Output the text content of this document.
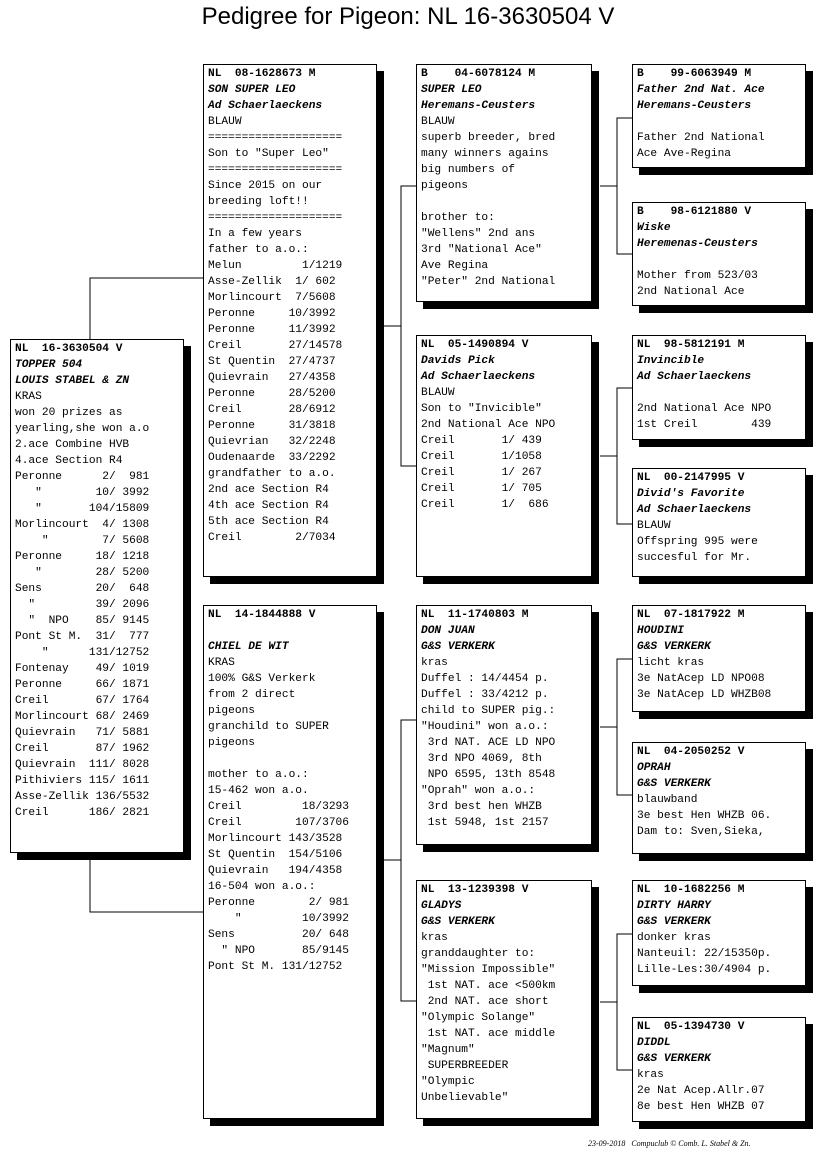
Pedigree for Pigeon: NL 16-3630504 V
NL  16-3630504 V
TOPPER 504
LOUIS STABEL & ZN
KRAS
won 20 prizes as
yearling,she won a.o
2.ace Combine HVB
4.ace Section R4
Peronne      2/  981
"        10/ 3992
"       104/15809
Morlincourt  4/ 1308
"        7/ 5608
Peronne     18/ 1218
"        28/ 5200
Sens        20/  648
"         39/ 2096
"  NPO    85/ 9145
Pont St M.  31/  777
"      131/12752
Fontenay    49/ 1019
Peronne     66/ 1871
Creil       67/ 1764
Morlincourt 68/ 2469
Quievrain   71/ 5881
Creil       87/ 1962
Quievrain  111/ 8028
Pithiviers 115/ 1611
Asse-Zellik 136/5532
Creil      186/ 2821
NL  08-1628673 M
SON SUPER LEO
Ad Schaerlaeckens
BLAUW
====================
Son to "Super Leo"
====================
Since 2015 on our
breeding loft!!
====================
In a few years
father to a.o.:
Melun         1/1219
Asse-Zellik  1/ 602
Morlincourt  7/5608
Peronne     10/3992
Peronne     11/3992
Creil       27/14578
St Quentin  27/4737
Quievrain   27/4358
Peronne     28/5200
Creil       28/6912
Peronne     31/3818
Quievrian   32/2248
Oudenaarde  33/2292
grandfather to a.o.
2nd ace Section R4
4th ace Section R4
5th ace Section R4
Creil        2/7034
NL  14-1844888 V
CHIEL DE WIT
KRAS
100% G&S Verkerk
from 2 direct
pigeons
granchild to SUPER
pigeons
mother to a.o.:
15-462 won a.o.
Creil         18/3293
Creil        107/3706
Morlincourt 143/3528
St Quentin  154/5106
Quievrain   194/4358
16-504 won a.o.:
Peronne        2/ 981
"         10/3992
Sens          20/ 648
" NPO       85/9145
Pont St M. 131/12752
B    04-6078124 M
SUPER LEO
Heremans-Ceusters
BLAUW
superb breeder, bred
many winners agains
big numbers of
pigeons
brother to:
"Wellens" 2nd ans
3rd "National Ace"
Ave Regina
"Peter" 2nd National
NL  05-1490894 V
Davids Pick
Ad Schaerlaeckens
BLAUW
Son to "Invicible"
2nd National Ace NPO
Creil       1/ 439
Creil       1/1058
Creil       1/ 267
Creil       1/ 705
Creil       1/  686
NL  11-1740803 M
DON JUAN
G&S VERKERK
kras
Duffel : 14/4454 p.
Duffel : 33/4212 p.
child to SUPER pig.:
"Houdini" won a.o.:
3rd NAT. ACE LD NPO
3rd NPO 4069, 8th
NPO 6595, 13th 8548
"Oprah" won a.o.:
3rd best hen WHZB
1st 5948, 1st 2157
NL  13-1239398 V
GLADYS
G&S VERKERK
kras
granddaughter to:
"Mission Impossible"
1st NAT. ace <500km
2nd NAT. ace short
"Olympic Solange"
1st NAT. ace middle
"Magnum"
SUPERBREEDER
"Olympic
Unbelievable"
B    99-6063949 M
Father 2nd Nat. Ace
Heremans-Ceusters
Father 2nd National
Ace Ave-Regina
B    98-6121880 V
Wiske
Heremenas-Ceusters
Mother from 523/03
2nd National Ace
NL  98-5812191 M
Invincible
Ad Schaerlaeckens
2nd National Ace NPO
1st Creil        439
NL  00-2147995 V
Divid's Favorite
Ad Schaerlaeckens
BLAUW
Offspring 995 were
succesful for Mr.
NL  07-1817922 M
HOUDINI
G&S VERKERK
licht kras
3e NatAcep LD NPO08
3e NatAcep LD WHZB08
NL  04-2050252 V
OPRAH
G&S VERKERK
blauwband
3e best Hen WHZB 06.
Dam to: Sven,Sieka,
NL  10-1682256 M
DIRTY HARRY
G&S VERKERK
donker kras
Nanteuil: 22/15350p.
Lille-Les:30/4904 p.
NL  05-1394730 V
DIDDL
G&S VERKERK
kras
2e Nat Acep.Allr.07
8e best Hen WHZB 07
23-09-2018   Compuclub © Comb. L. Stabel & Zn.
